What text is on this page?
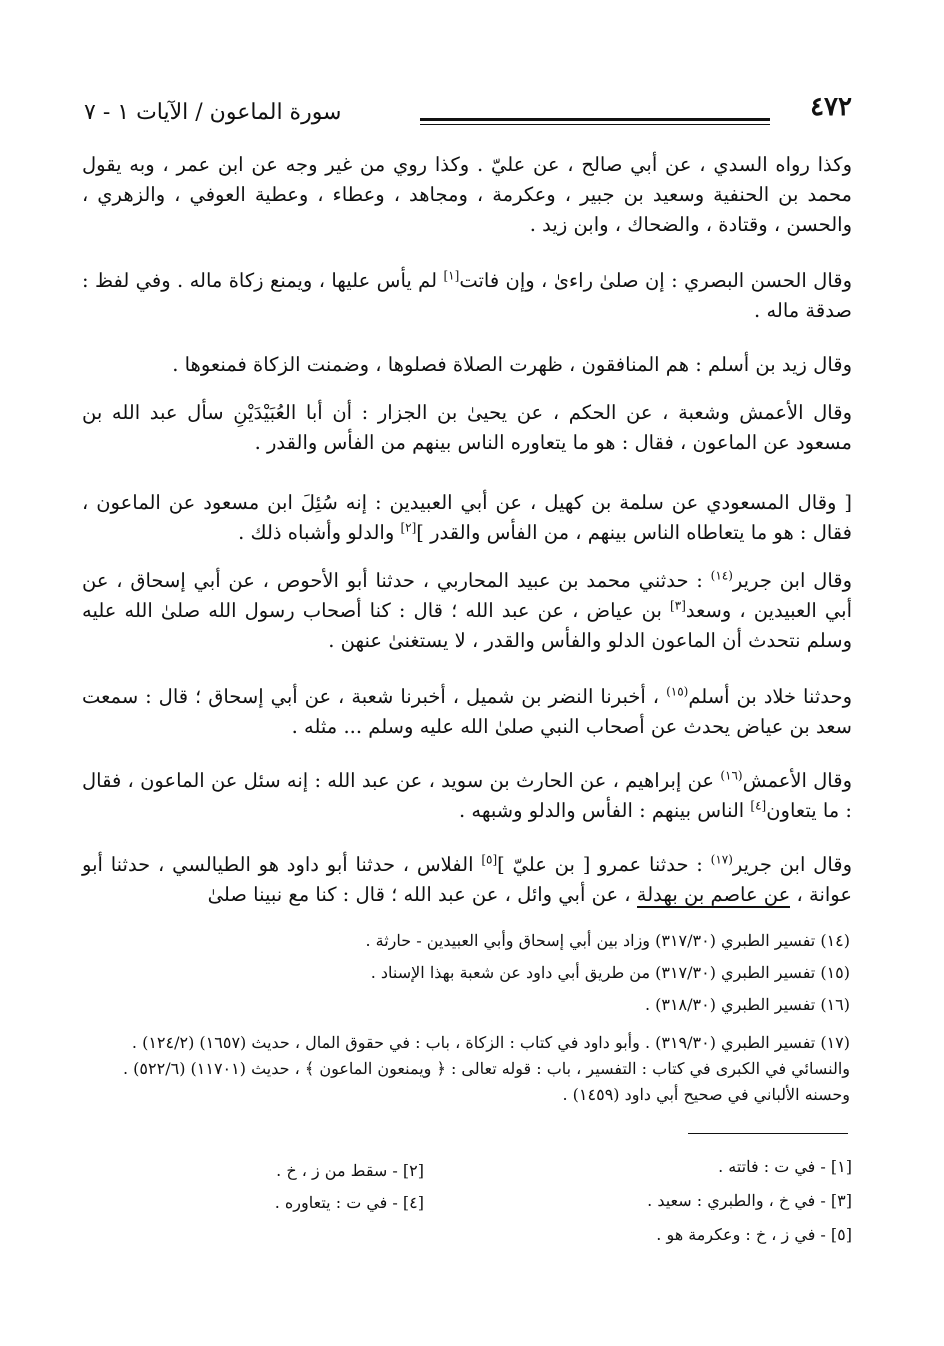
٤٧٢
سورة الماعون / الآيات ١ - ٧

وكذا رواه السدي ، عن أبي صالح ، عن عليّ . وكذا روي من غير وجه عن ابن عمر ، وبه يقول محمد بن الحنفية وسعيد بن جبير ، وعكرمة ، ومجاهد ، وعطاء ، وعطية العوفي ، والزهري ، والحسن ، وقتادة ، والضحاك ، وابن زيد .

وقال الحسن البصري : إن صلىٰ راءىٰ ، وإن فاتت[١] لم يأس عليها ، ويمنع زكاة ماله . وفي لفظ : صدقة ماله .

وقال زيد بن أسلم : هم المنافقون ، ظهرت الصلاة فصلوها ، وضمنت الزكاة فمنعوها .

وقال الأعمش وشعبة ، عن الحكم ، عن يحيىٰ بن الجزار : أن أبا العُبَيْدَيْنِ سأل عبد الله بن مسعود عن الماعون ، فقال : هو ما يتعاوره الناس بينهم من الفأس والقدر .

[ وقال المسعودي عن سلمة بن كهيل ، عن أبي العبيدين : إنه سُئِلَ ابن مسعود عن الماعون ، فقال : هو ما يتعاطاه الناس بينهم ، من الفأس والقدر ][٢] والدلو وأشباه ذلك .

وقال ابن جرير$^{(١٤)}$ : حدثني محمد بن عبيد المحاربي ، حدثنا أبو الأحوص ، عن أبي إسحاق ، عن أبي العبيدين ، وسعد[٣] بن عياض ، عن عبد الله ؛ قال : كنا أصحاب رسول الله صلىٰ الله عليه وسلم نتحدث أن الماعون الدلو والفأس والقدر ، لا يستغنىٰ عنهن .

وحدثنا خلاد بن أسلم$^{(١٥)}$ ، أخبرنا النضر بن شميل ، أخبرنا شعبة ، عن أبي إسحاق ؛ قال : سمعت سعد بن عياض يحدث عن أصحاب النبي صلىٰ الله عليه وسلم ... مثله .

وقال الأعمش$^{(١٦)}$ عن إبراهيم ، عن الحارث بن سويد ، عن عبد الله : إنه سئل عن الماعون ، فقال : ما يتعاون[٤] الناس بينهم : الفأس والدلو وشبهه .

وقال ابن جرير$^{(١٧)}$ : حدثنا عمرو [ بن عليّ ][٥] الفلاس ، حدثنا أبو داود هو الطيالسي ، حدثنا أبو عوانة ، عن عاصم بن بهدلة ، عن أبي وائل ، عن عبد الله ؛ قال : كنا مع نبينا صلىٰ

(١٤) تفسير الطبري (٣١٧/٣٠) وزاد بين أبي إسحاق وأبي العبيدين - حارثة .

(١٥) تفسير الطبري (٣١٧/٣٠) من طريق أبي داود عن شعبة بهذا الإسناد .

(١٦) تفسير الطبري (٣١٨/٣٠) .

(١٧) تفسير الطبري (٣١٩/٣٠) . وأبو داود في كتاب : الزكاة ، باب : في حقوق المال ، حديث (١٦٥٧) (١٢٤/٢) . والنسائي في الكبرى في كتاب : التفسير ، باب : قوله تعالى : ﴿ ويمنعون الماعون ﴾ ، حديث (١١٧٠١) (٥٢٢/٦) . وحسنه الألباني في صحيح أبي داود (١٤٥٩) .

[١] - في ت : فاتته .

[٣] - في خ ، والطبري : سعيد .

[٥] - في ز ، خ : وعكرمة هو .

[٢] - سقط من ز ، خ .

[٤] - في ت : يتعاوره .
